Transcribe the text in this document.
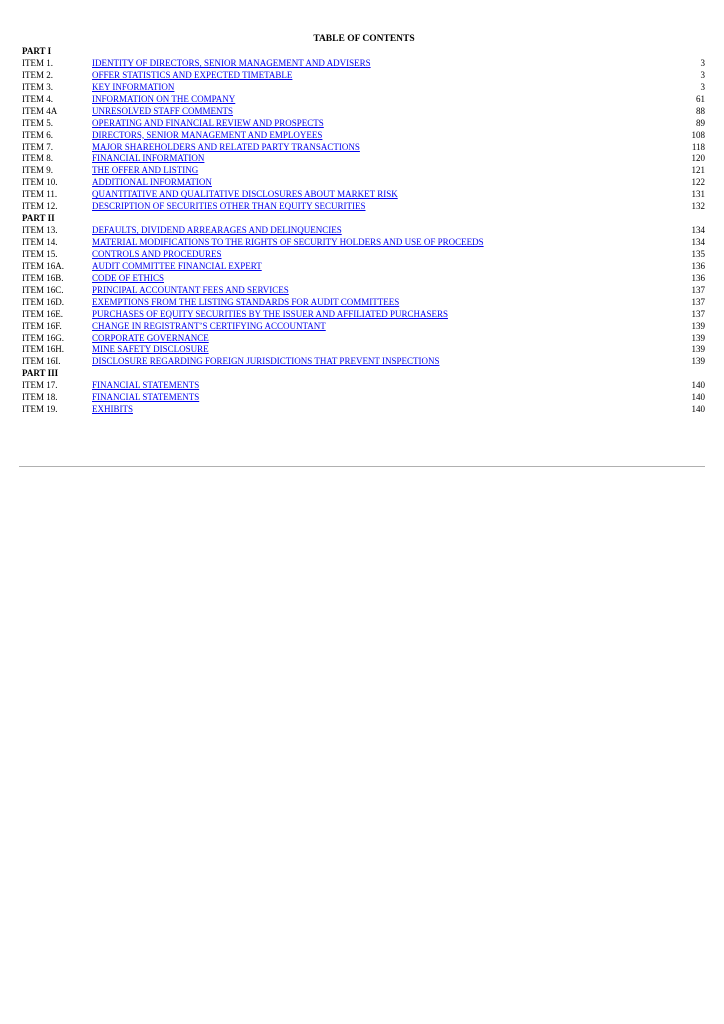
TABLE OF CONTENTS
PART I
ITEM 1.	IDENTITY OF DIRECTORS, SENIOR MANAGEMENT AND ADVISERS	3
ITEM 2.	OFFER STATISTICS AND EXPECTED TIMETABLE	3
ITEM 3.	KEY INFORMATION	3
ITEM 4.	INFORMATION ON THE COMPANY	61
ITEM 4A	UNRESOLVED STAFF COMMENTS	88
ITEM 5.	OPERATING AND FINANCIAL REVIEW AND PROSPECTS	89
ITEM 6.	DIRECTORS, SENIOR MANAGEMENT AND EMPLOYEES	108
ITEM 7.	MAJOR SHAREHOLDERS AND RELATED PARTY TRANSACTIONS	118
ITEM 8.	FINANCIAL INFORMATION	120
ITEM 9.	THE OFFER AND LISTING	121
ITEM 10.	ADDITIONAL INFORMATION	122
ITEM 11.	QUANTITATIVE AND QUALITATIVE DISCLOSURES ABOUT MARKET RISK	131
ITEM 12.	DESCRIPTION OF SECURITIES OTHER THAN EQUITY SECURITIES	132
PART II
ITEM 13.	DEFAULTS, DIVIDEND ARREARAGES AND DELINQUENCIES	134
ITEM 14.	MATERIAL MODIFICATIONS TO THE RIGHTS OF SECURITY HOLDERS AND USE OF PROCEEDS	134
ITEM 15.	CONTROLS AND PROCEDURES	135
ITEM 16A.	AUDIT COMMITTEE FINANCIAL EXPERT	136
ITEM 16B.	CODE OF ETHICS	136
ITEM 16C.	PRINCIPAL ACCOUNTANT FEES AND SERVICES	137
ITEM 16D.	EXEMPTIONS FROM THE LISTING STANDARDS FOR AUDIT COMMITTEES	137
ITEM 16E.	PURCHASES OF EQUITY SECURITIES BY THE ISSUER AND AFFILIATED PURCHASERS	137
ITEM 16F.	CHANGE IN REGISTRANT’S CERTIFYING ACCOUNTANT	139
ITEM 16G.	CORPORATE GOVERNANCE	139
ITEM 16H.	MINE SAFETY DISCLOSURE	139
ITEM 16I.	DISCLOSURE REGARDING FOREIGN JURISDICTIONS THAT PREVENT INSPECTIONS	139
PART III
ITEM 17.	FINANCIAL STATEMENTS	140
ITEM 18.	FINANCIAL STATEMENTS	140
ITEM 19.	EXHIBITS	140
